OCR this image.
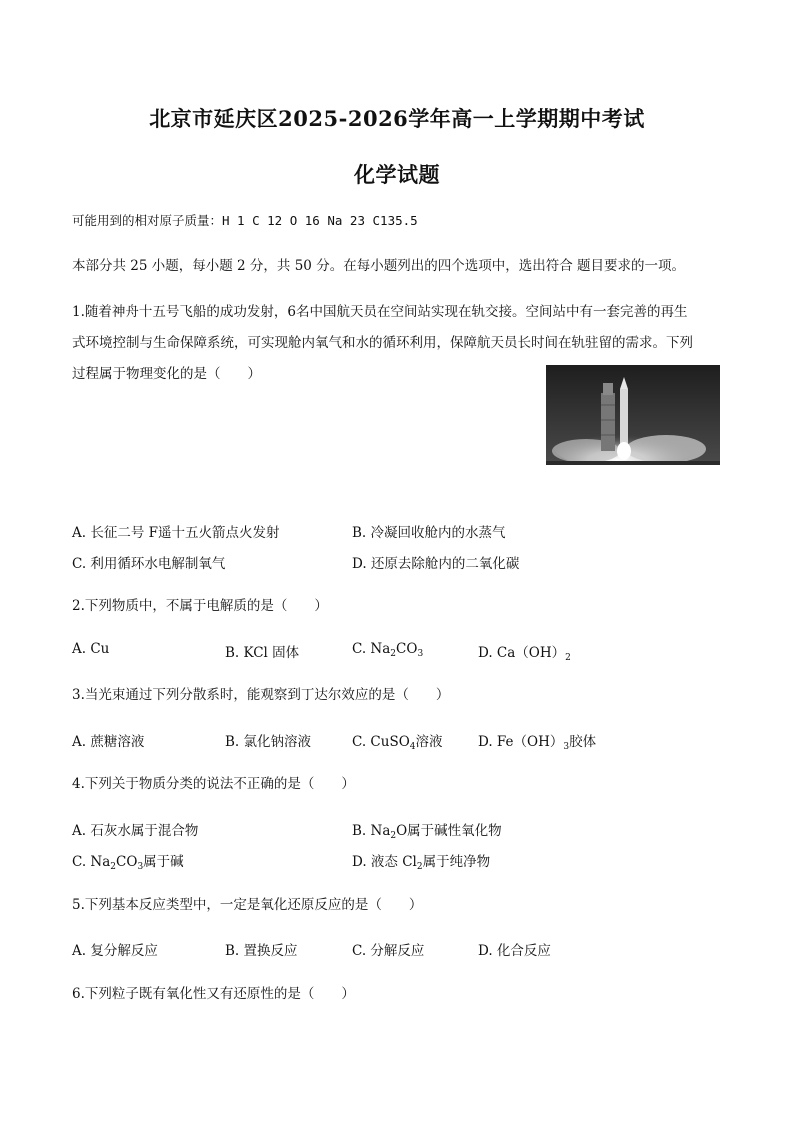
北京市延庆区2025-2026学年高一上学期期中考试
化学试题
可能用到的相对原子质量：H 1 C 12 O 16 Na 23 C135.5
本部分共 25 小题，每小题 2 分，共 50 分。在每小题列出的四个选项中，选出符合 题目要求的一项。
1.随着神舟十五号飞船的成功发射，6名中国航天员在空间站实现在轨交接。空间站中有一套完善的再生
式环境控制与生命保障系统，可实现舱内氧气和水的循环利用，保障航天员长时间在轨驻留的需求。下列
过程属于物理变化的是（　　）
A. 长征二号 F遥十五火箭点火发射	B. 冷凝回收舱内的水蒸气
C. 利用循环水电解制氧气	D. 还原去除舱内的二氧化碳
2.下列物质中，不属于电解质的是（　　）
A. Cu	B. KCl 固体	C. $Na_2CO_3$	D. $Ca(OH)_2$
3.当光束通过下列分散系时，能观察到丁达尔效应的是（　　）
A. 蔗糖溶液	B. 氯化钠溶液	C. CuSO$_4$溶液	D. $Fe(OH)_3$胶体
4.下列关于物质分类的说法不正确的是（　　）
A. 石灰水属于混合物	B. $Na_2O$属于碱性氧化物
C. $Na_2CO_3$属于碱	D. 液态 $Cl_2$属于纯净物
5.下列基本反应类型中，一定是氧化还原反应的是（　　）
A. 复分解反应	B. 置换反应	C. 分解反应	D. 化合反应
6.下列粒子既有氧化性又有还原性的是（　　）
